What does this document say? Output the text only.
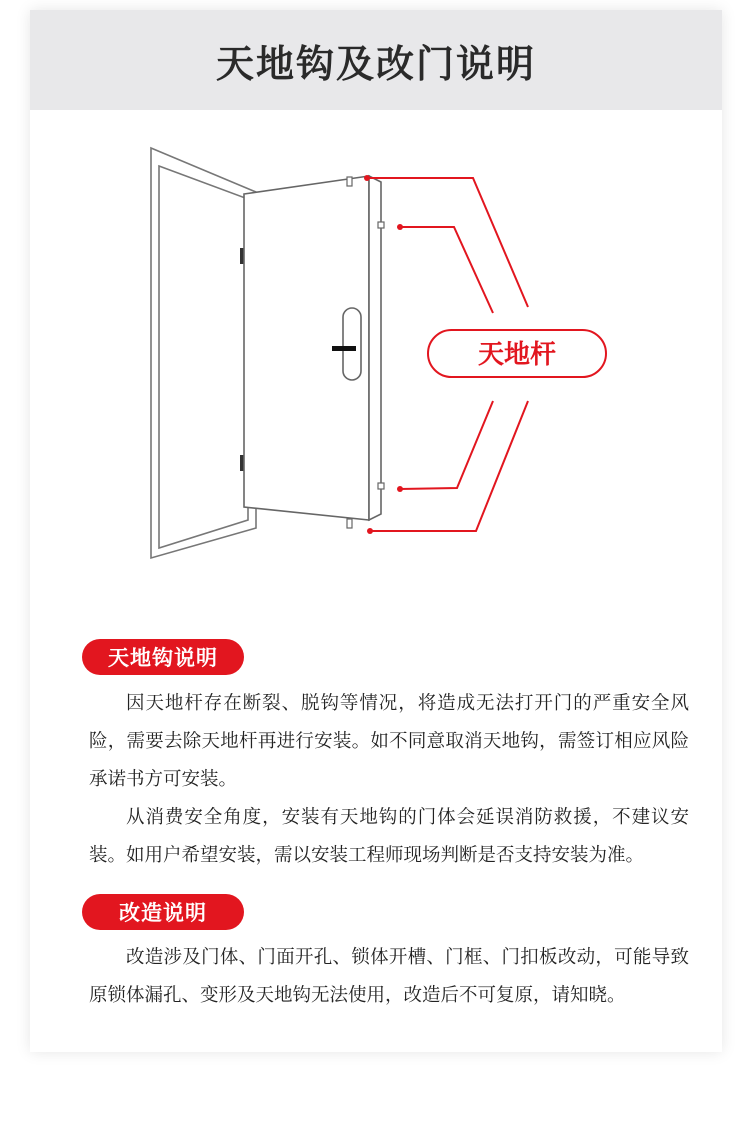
天地钩及改门说明
天地杆
天地钩说明

因天地杆存在断裂、脱钩等情况，将造成无法打开门的严重安全风险，需要去除天地杆再进行安装。如不同意取消天地钩，需签订相应风险承诺书方可安装。

从消费安全角度，安装有天地钩的门体会延误消防救援，不建议安装。如用户希望安装，需以安装工程师现场判断是否支持安装为准。

改造说明

改造涉及门体、门面开孔、锁体开槽、门框、门扣板改动，可能导致原锁体漏孔、变形及天地钩无法使用，改造后不可复原，请知晓。
